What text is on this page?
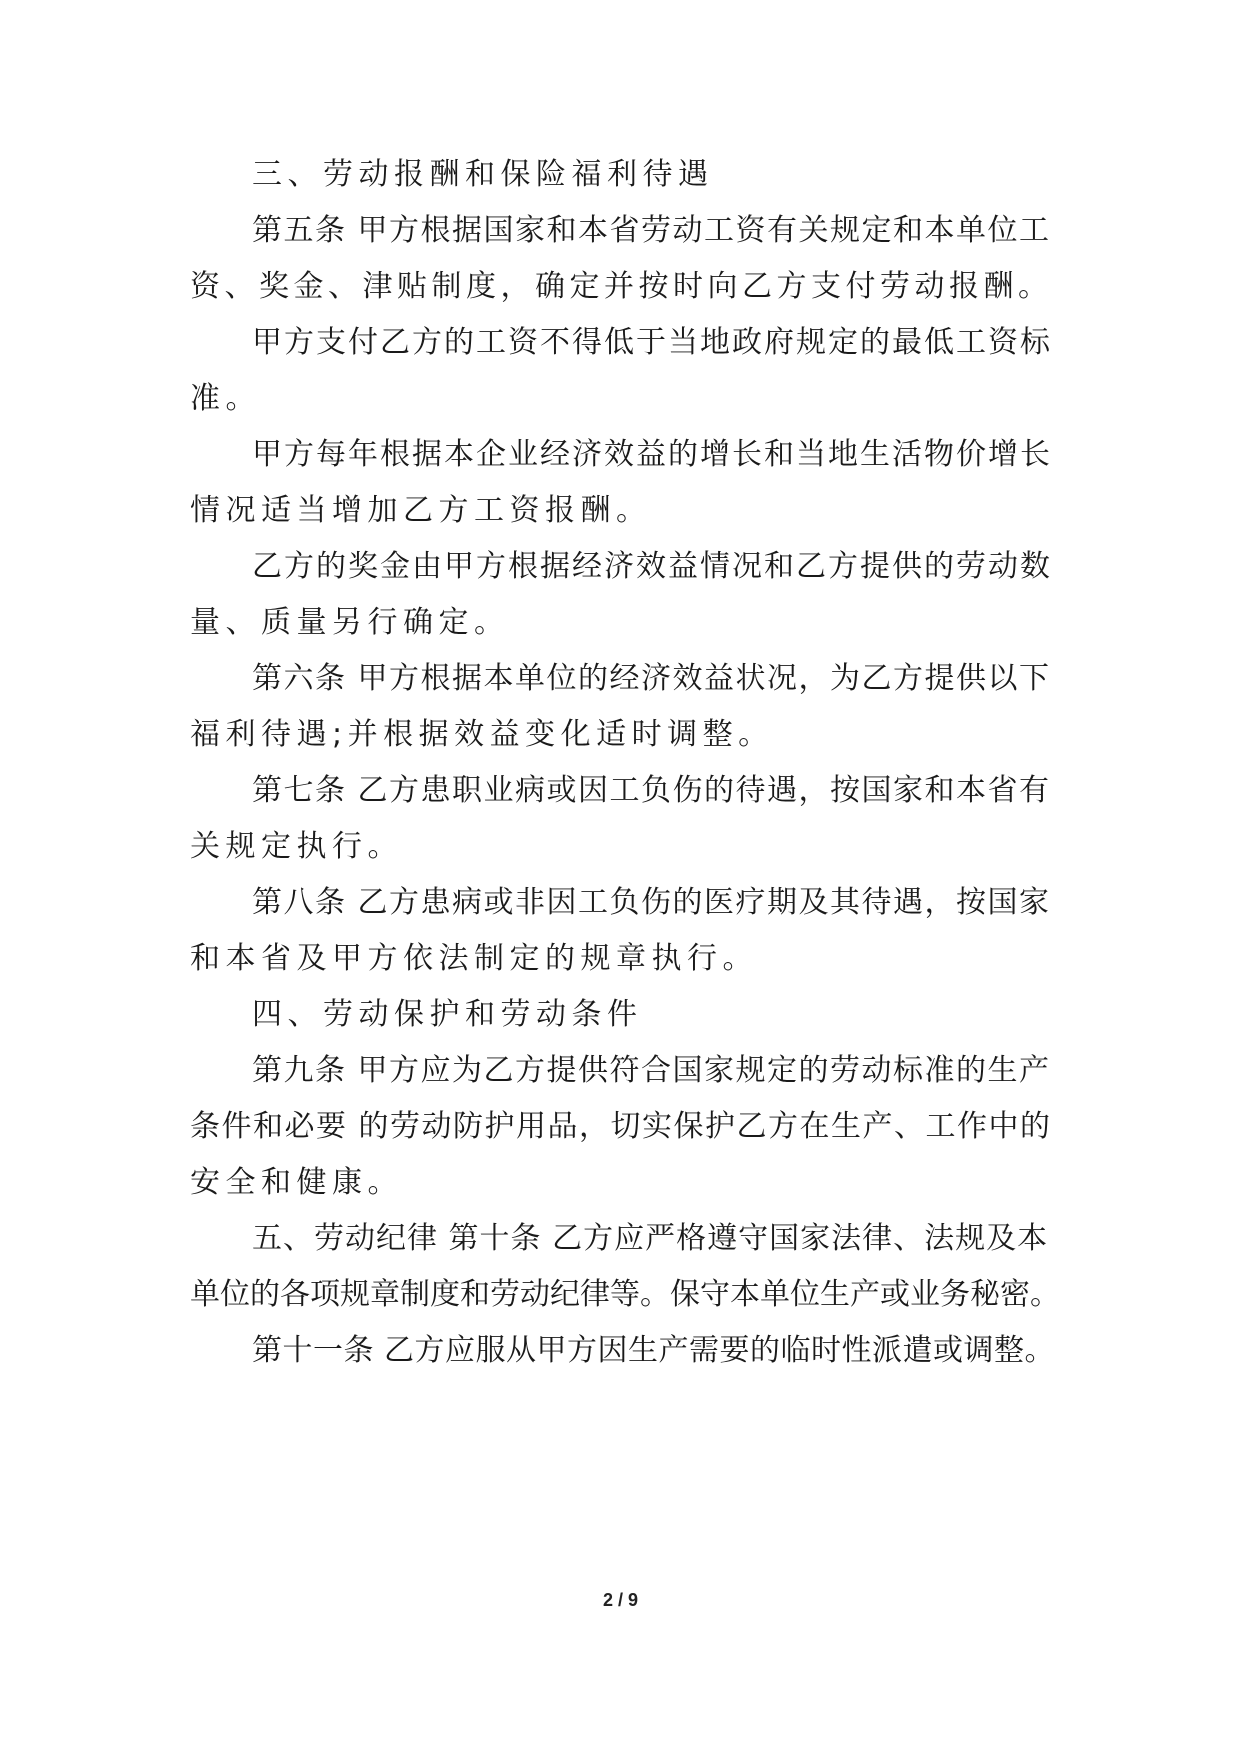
三、劳动报酬和保险福利待遇
第五条 甲方根据国家和本省劳动工资有关规定和本单位工
资、奖金、津贴制度，确定并按时向乙方支付劳动报酬。
甲方支付乙方的工资不得低于当地政府规定的最低工资标
准。
甲方每年根据本企业经济效益的增长和当地生活物价增长
情况适当增加乙方工资报酬。
乙方的奖金由甲方根据经济效益情况和乙方提供的劳动数
量、质量另行确定。
第六条 甲方根据本单位的经济效益状况，为乙方提供以下
福利待遇;并根据效益变化适时调整。
第七条 乙方患职业病或因工负伤的待遇，按国家和本省有
关规定执行。
第八条 乙方患病或非因工负伤的医疗期及其待遇，按国家
和本省及甲方依法制定的规章执行。
四、劳动保护和劳动条件
第九条 甲方应为乙方提供符合国家规定的劳动标准的生产
条件和必要 的劳动防护用品，切实保护乙方在生产、工作中的
安全和健康。
五、劳动纪律 第十条 乙方应严格遵守国家法律、法规及本
单位的各项规章制度和劳动纪律等。保守本单位生产或业务秘密。
第十一条 乙方应服从甲方因生产需要的临时性派遣或调整。
2 / 9
